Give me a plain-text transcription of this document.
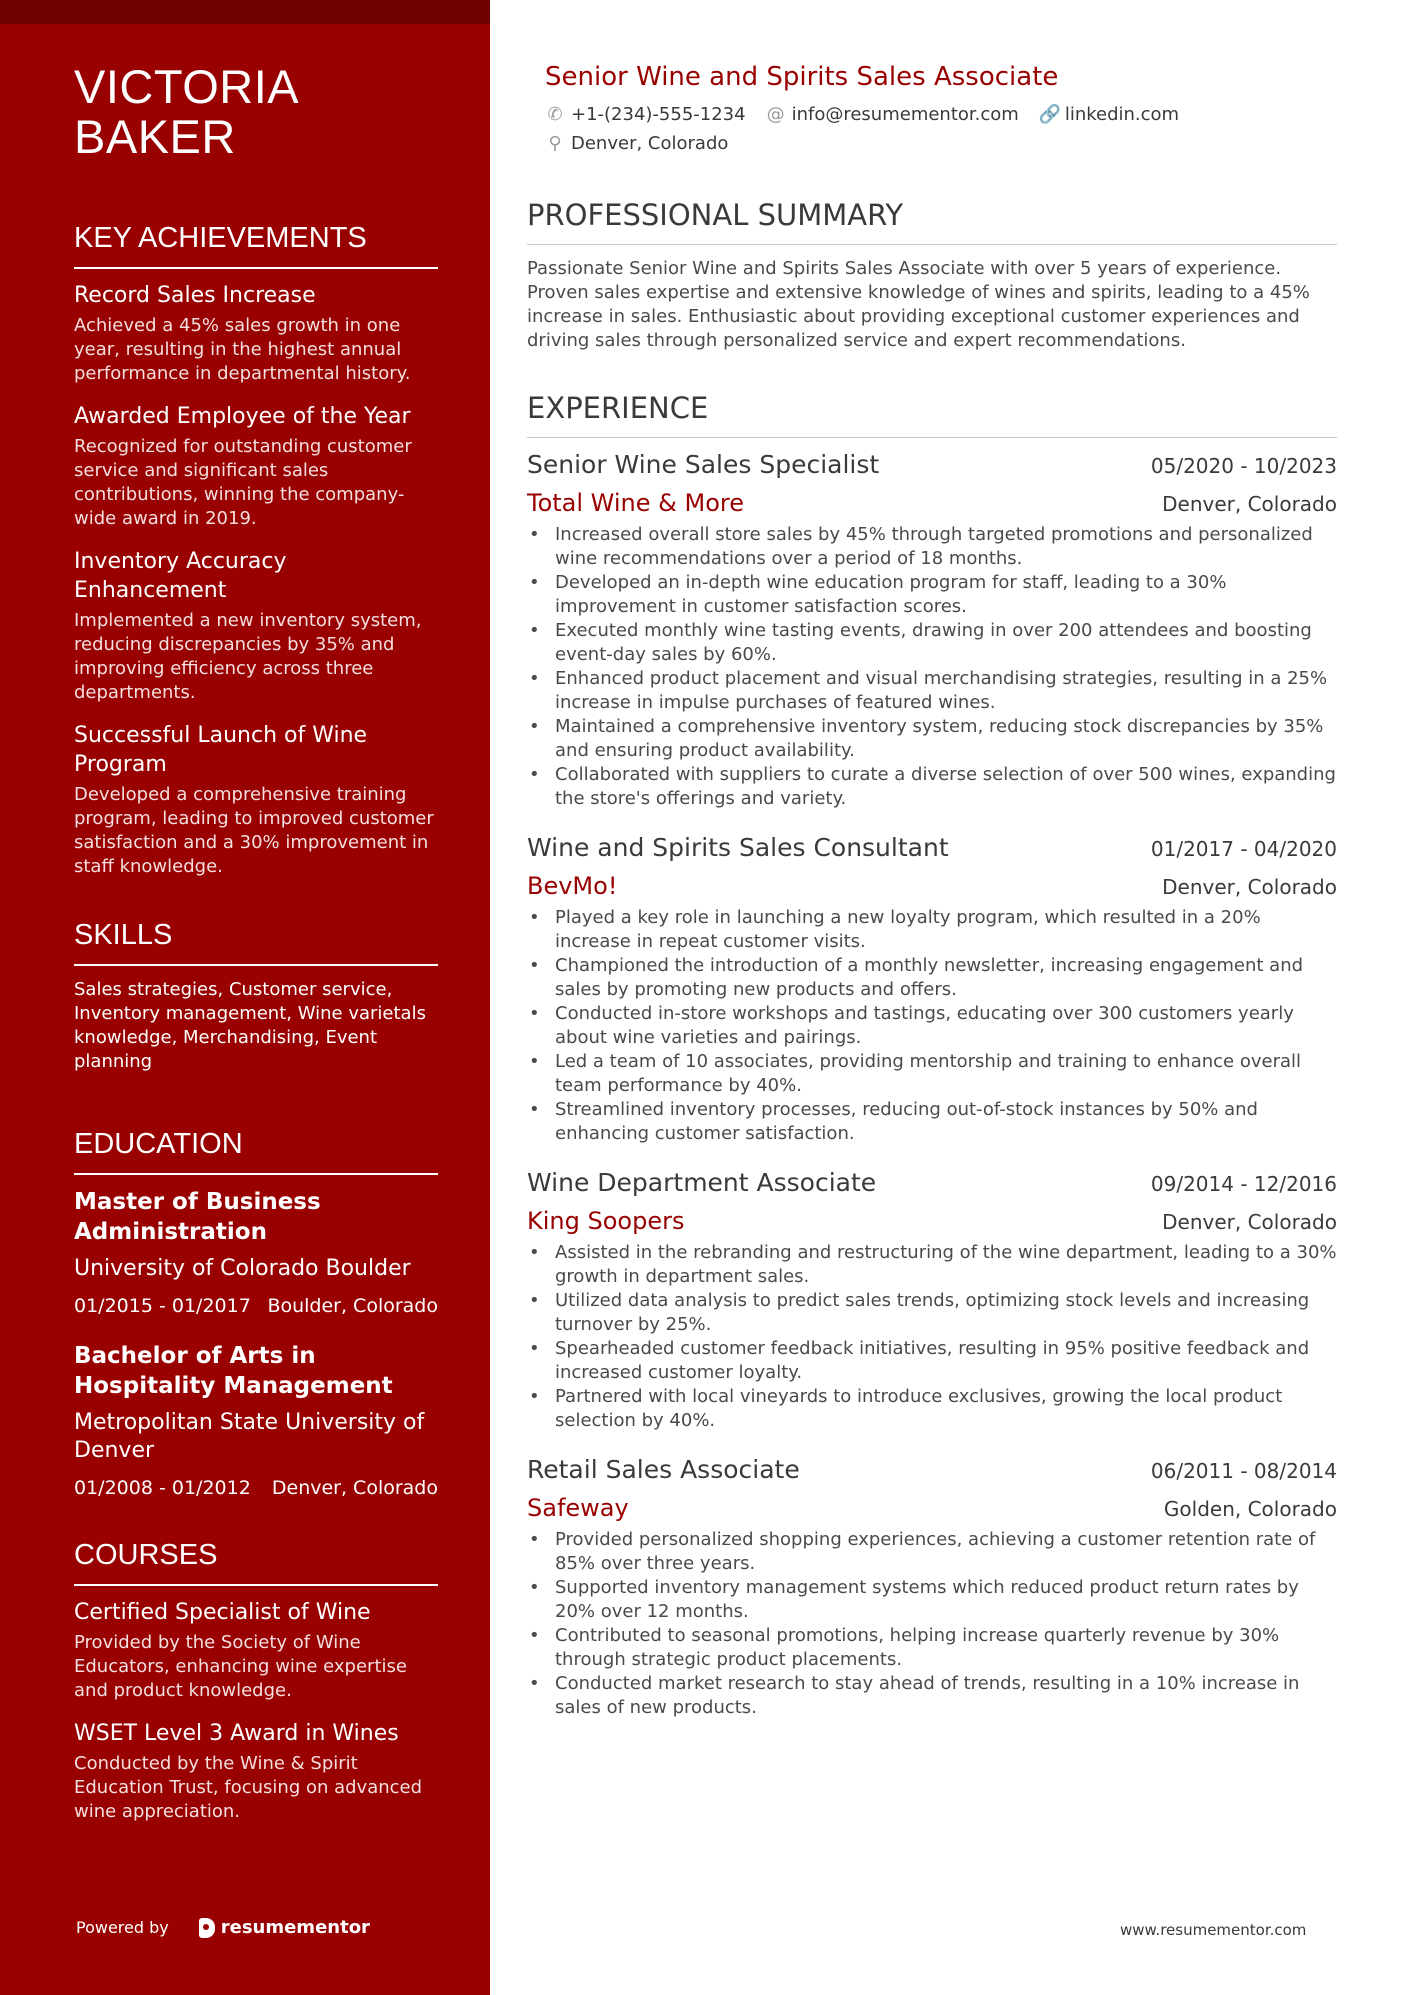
VICTORIA
BAKER
KEY ACHIEVEMENTS
Record Sales Increase
Achieved a 45% sales growth in one year, resulting in the highest annual performance in departmental history.
Awarded Employee of the Year
Recognized for outstanding customer service and significant sales contributions, winning the company-wide award in 2019.
Inventory Accuracy Enhancement
Implemented a new inventory system, reducing discrepancies by 35% and improving efficiency across three departments.
Successful Launch of Wine Program
Developed a comprehensive training program, leading to improved customer satisfaction and a 30% improvement in staff knowledge.
SKILLS
Sales strategies, Customer service, Inventory management, Wine varietals knowledge, Merchandising, Event planning
EDUCATION
Master of Business Administration
University of Colorado Boulder
01/2015 - 01/2017 Boulder, Colorado
Bachelor of Arts in Hospitality Management
Metropolitan State University of Denver
01/2008 - 01/2012 Denver, Colorado
COURSES
Certified Specialist of Wine
Provided by the Society of Wine Educators, enhancing wine expertise and product knowledge.
WSET Level 3 Award in Wines
Conducted by the Wine & Spirit Education Trust, focusing on advanced wine appreciation.
Powered by	resumementor
Senior Wine and Spirits Sales Associate
✆ +1-(234)-555-1234 @ info@resumementor.com 🔗 linkedin.com
⚲ Denver, Colorado
PROFESSIONAL SUMMARY
Passionate Senior Wine and Spirits Sales Associate with over 5 years of experience. Proven sales expertise and extensive knowledge of wines and spirits, leading to a 45% increase in sales. Enthusiastic about providing exceptional customer experiences and driving sales through personalized service and expert recommendations.
EXPERIENCE
Senior Wine Sales Specialist	05/2020 - 10/2023
Total Wine & More	Denver, Colorado
• Increased overall store sales by 45% through targeted promotions and personalized wine recommendations over a period of 18 months.
• Developed an in-depth wine education program for staff, leading to a 30% improvement in customer satisfaction scores.
• Executed monthly wine tasting events, drawing in over 200 attendees and boosting event-day sales by 60%.
• Enhanced product placement and visual merchandising strategies, resulting in a 25% increase in impulse purchases of featured wines.
• Maintained a comprehensive inventory system, reducing stock discrepancies by 35% and ensuring product availability.
• Collaborated with suppliers to curate a diverse selection of over 500 wines, expanding the store's offerings and variety.
Wine and Spirits Sales Consultant	01/2017 - 04/2020
BevMo!	Denver, Colorado
• Played a key role in launching a new loyalty program, which resulted in a 20% increase in repeat customer visits.
• Championed the introduction of a monthly newsletter, increasing engagement and sales by promoting new products and offers.
• Conducted in-store workshops and tastings, educating over 300 customers yearly about wine varieties and pairings.
• Led a team of 10 associates, providing mentorship and training to enhance overall team performance by 40%.
• Streamlined inventory processes, reducing out-of-stock instances by 50% and enhancing customer satisfaction.
Wine Department Associate	09/2014 - 12/2016
King Soopers	Denver, Colorado
• Assisted in the rebranding and restructuring of the wine department, leading to a 30% growth in department sales.
• Utilized data analysis to predict sales trends, optimizing stock levels and increasing turnover by 25%.
• Spearheaded customer feedback initiatives, resulting in 95% positive feedback and increased customer loyalty.
• Partnered with local vineyards to introduce exclusives, growing the local product selection by 40%.
Retail Sales Associate	06/2011 - 08/2014
Safeway	Golden, Colorado
• Provided personalized shopping experiences, achieving a customer retention rate of 85% over three years.
• Supported inventory management systems which reduced product return rates by 20% over 12 months.
• Contributed to seasonal promotions, helping increase quarterly revenue by 30% through strategic product placements.
• Conducted market research to stay ahead of trends, resulting in a 10% increase in sales of new products.
www.resumementor.com
